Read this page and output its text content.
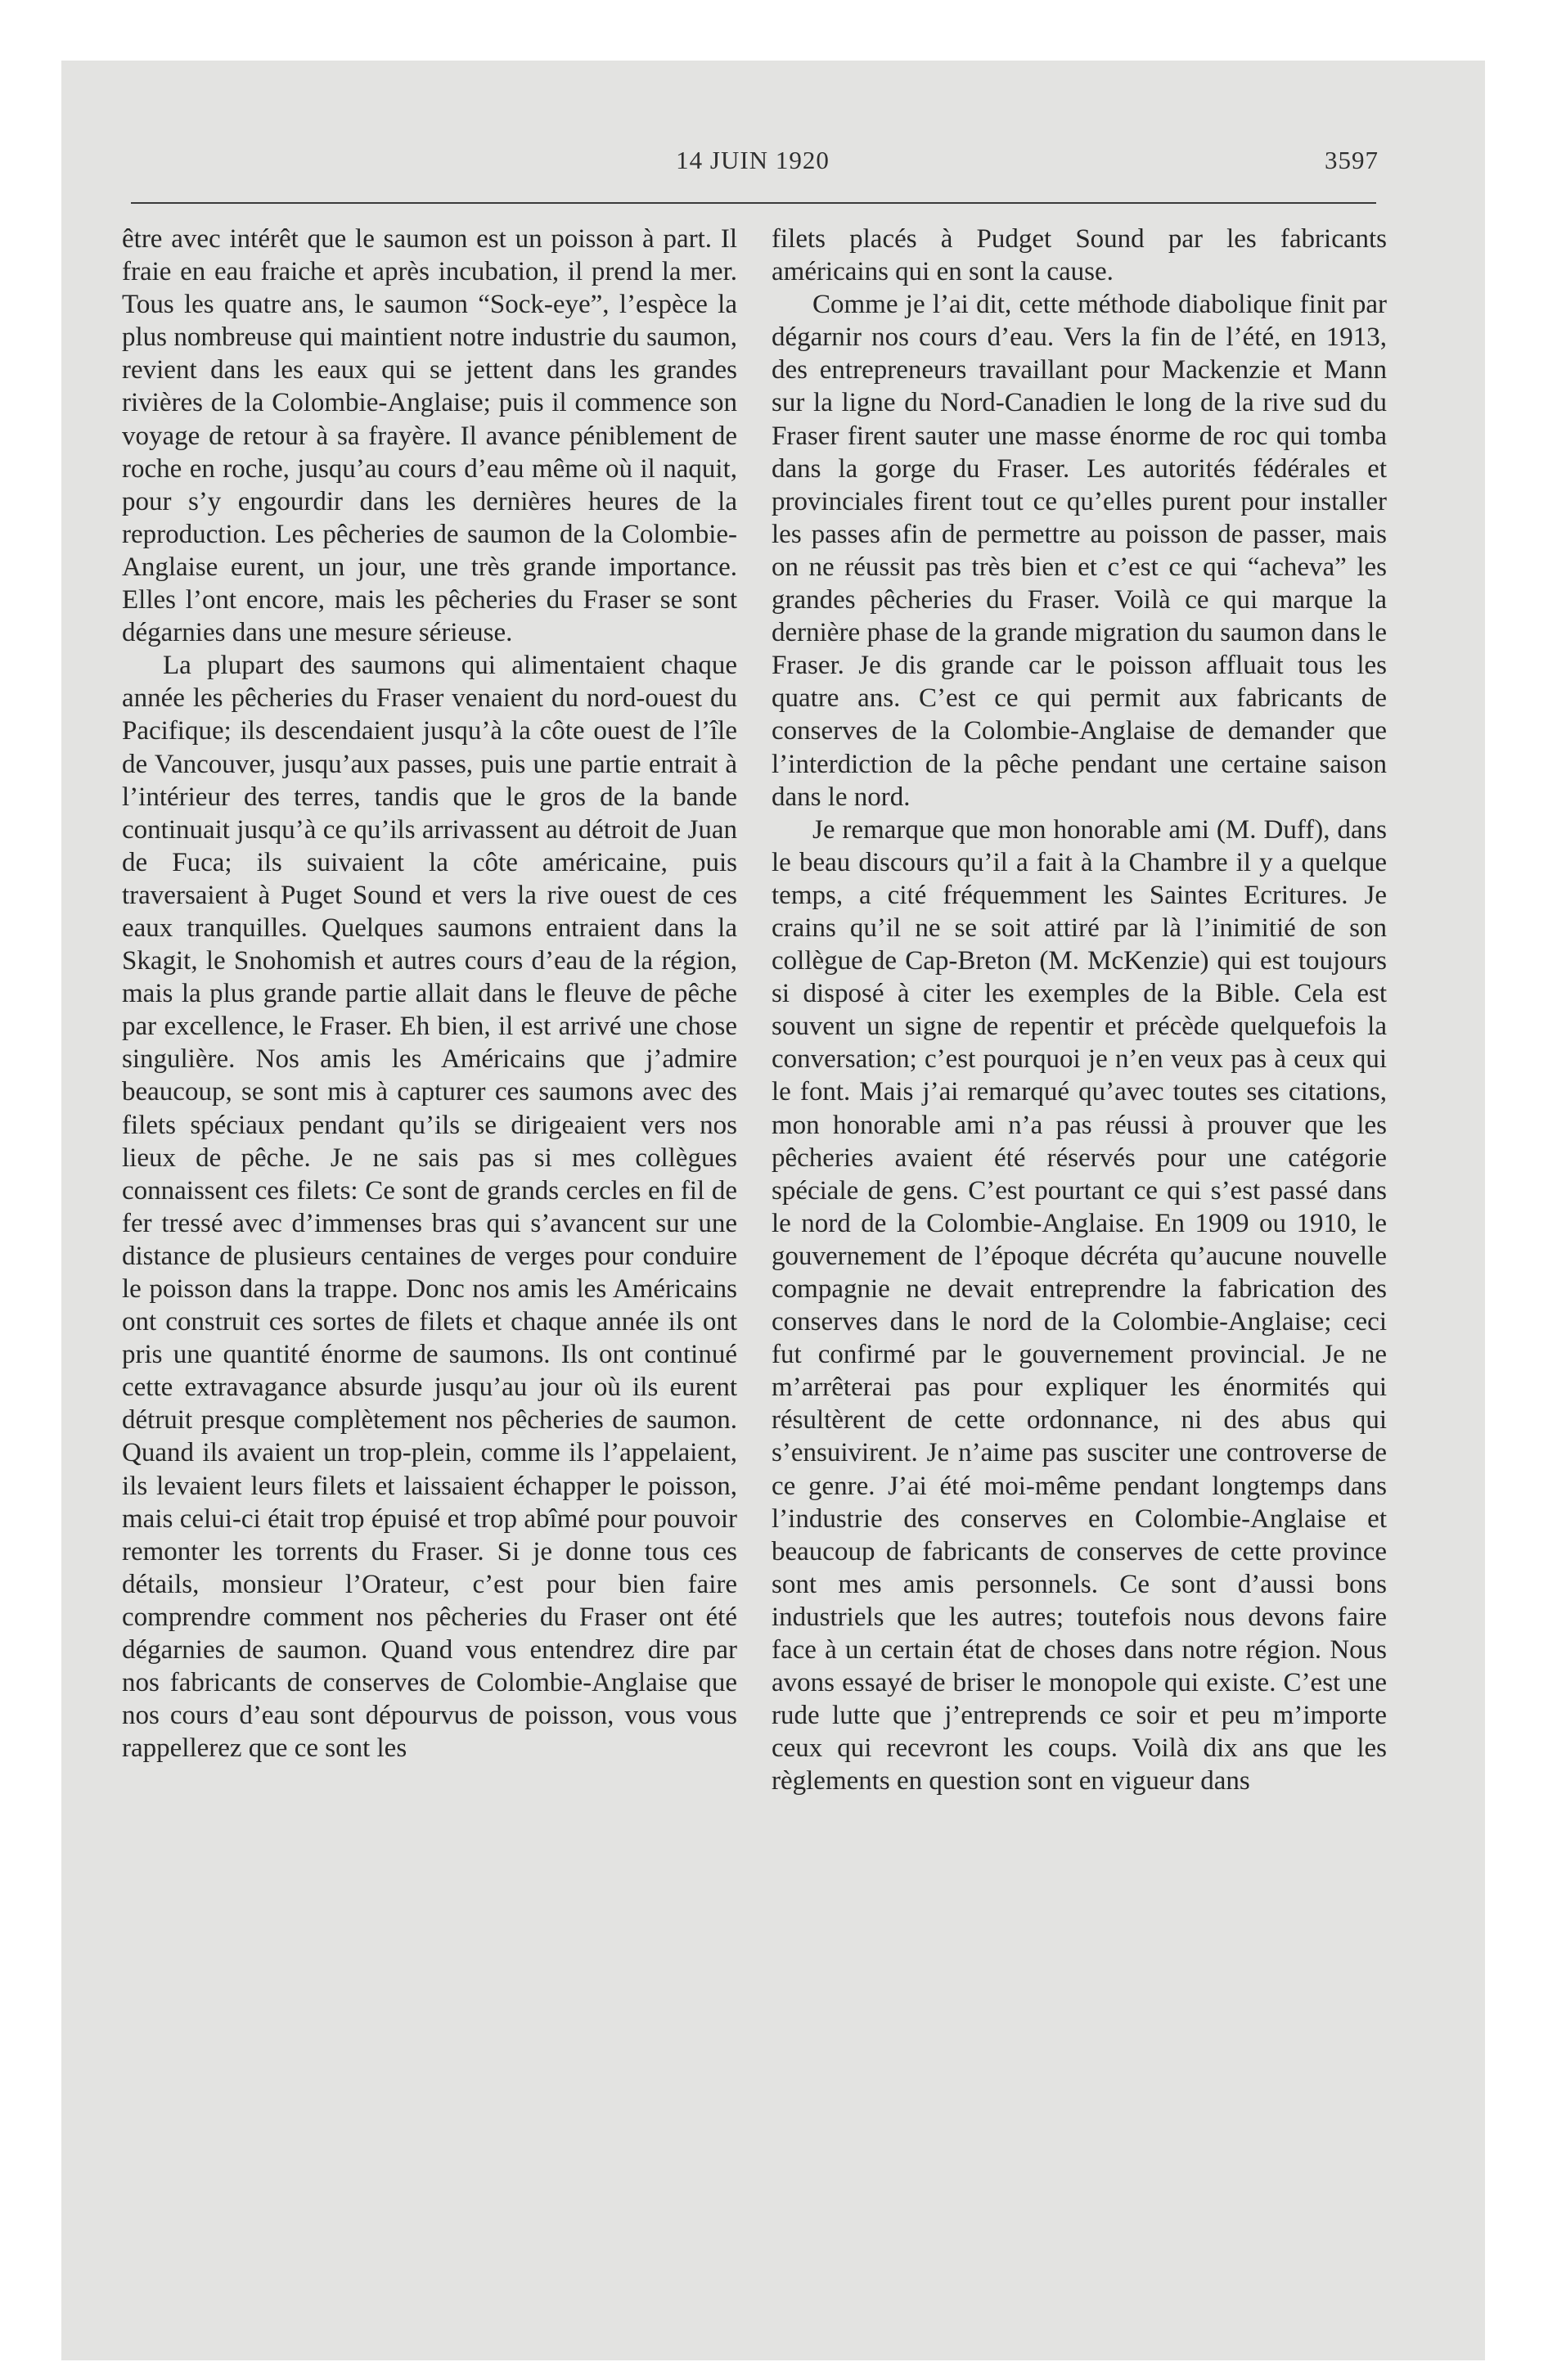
14 JUIN 1920	3597

être avec intérêt que le saumon est un poisson à part. Il fraie en eau fraiche et après incubation, il prend la mer. Tous les quatre ans, le saumon “Sock-eye”, l’espèce la plus nombreuse qui maintient notre industrie du saumon, revient dans les eaux qui se jettent dans les grandes rivières de la Colombie-Anglaise; puis il commence son voyage de retour à sa frayère. Il avance péniblement de roche en roche, jusqu’au cours d’eau même où il naquit, pour s’y engourdir dans les dernières heures de la reproduction. Les pêcheries de saumon de la Colombie-Anglaise eurent, un jour, une très grande importance. Elles l’ont encore, mais les pêcheries du Fraser se sont dégarnies dans une mesure sérieuse.

La plupart des saumons qui alimentaient chaque année les pêcheries du Fraser venaient du nord-ouest du Pacifique; ils descendaient jusqu’à la côte ouest de l’île de Vancouver, jusqu’aux passes, puis une partie entrait à l’intérieur des terres, tandis que le gros de la bande continuait jusqu’à ce qu’ils arrivassent au détroit de Juan de Fuca; ils suivaient la côte américaine, puis traversaient à Puget Sound et vers la rive ouest de ces eaux tranquilles. Quelques saumons entraient dans la Skagit, le Snohomish et autres cours d’eau de la région, mais la plus grande partie allait dans le fleuve de pêche par excellence, le Fraser. Eh bien, il est arrivé une chose singulière. Nos amis les Américains que j’admire beaucoup, se sont mis à capturer ces saumons avec des filets spéciaux pendant qu’ils se dirigeaient vers nos lieux de pêche. Je ne sais pas si mes collègues connaissent ces filets: Ce sont de grands cercles en fil de fer tressé avec d’immenses bras qui s’avancent sur une distance de plusieurs centaines de verges pour conduire le poisson dans la trappe. Donc nos amis les Américains ont construit ces sortes de filets et chaque année ils ont pris une quantité énorme de saumons. Ils ont continué cette extravagance absurde jusqu’au jour où ils eurent détruit presque complètement nos pêcheries de saumon. Quand ils avaient un trop-plein, comme ils l’appelaient, ils levaient leurs filets et laissaient échapper le poisson, mais celui-ci était trop épuisé et trop abîmé pour pouvoir remonter les torrents du Fraser. Si je donne tous ces détails, monsieur l’Orateur, c’est pour bien faire comprendre comment nos pêcheries du Fraser ont été dégarnies de saumon. Quand vous entendrez dire par nos fabricants de conserves de Colombie-Anglaise que nos cours d’eau sont dépourvus de poisson, vous vous rappellerez que ce sont les

filets placés à Pudget Sound par les fabricants américains qui en sont la cause.

Comme je l’ai dit, cette méthode diabolique finit par dégarnir nos cours d’eau. Vers la fin de l’été, en 1913, des entrepreneurs travaillant pour Mackenzie et Mann sur la ligne du Nord-Canadien le long de la rive sud du Fraser firent sauter une masse énorme de roc qui tomba dans la gorge du Fraser. Les autorités fédérales et provinciales firent tout ce qu’elles purent pour installer les passes afin de permettre au poisson de passer, mais on ne réussit pas très bien et c’est ce qui “acheva” les grandes pêcheries du Fraser. Voilà ce qui marque la dernière phase de la grande migration du saumon dans le Fraser. Je dis grande car le poisson affluait tous les quatre ans. C’est ce qui permit aux fabricants de conserves de la Colombie-Anglaise de demander que l’interdiction de la pêche pendant une certaine saison dans le nord.

Je remarque que mon honorable ami (M. Duff), dans le beau discours qu’il a fait à la Chambre il y a quelque temps, a cité fréquemment les Saintes Ecritures. Je crains qu’il ne se soit attiré par là l’inimitié de son collègue de Cap-Breton (M. McKenzie) qui est toujours si disposé à citer les exemples de la Bible. Cela est souvent un signe de repentir et précède quelquefois la conversation; c’est pourquoi je n’en veux pas à ceux qui le font. Mais j’ai remarqué qu’avec toutes ses citations, mon honorable ami n’a pas réussi à prouver que les pêcheries avaient été réservés pour une catégorie spéciale de gens. C’est pourtant ce qui s’est passé dans le nord de la Colombie-Anglaise. En 1909 ou 1910, le gouvernement de l’époque décréta qu’aucune nouvelle compagnie ne devait entreprendre la fabrication des conserves dans le nord de la Colombie-Anglaise; ceci fut confirmé par le gouvernement provincial. Je ne m’arrêterai pas pour expliquer les énormités qui résultèrent de cette ordonnance, ni des abus qui s’ensuivirent. Je n’aime pas susciter une controverse de ce genre. J’ai été moi-même pendant longtemps dans l’industrie des conserves en Colombie-Anglaise et beaucoup de fabricants de conserves de cette province sont mes amis personnels. Ce sont d’aussi bons industriels que les autres; toutefois nous devons faire face à un certain état de choses dans notre région. Nous avons essayé de briser le monopole qui existe. C’est une rude lutte que j’entreprends ce soir et peu m’importe ceux qui recevront les coups. Voilà dix ans que les règlements en question sont en vigueur dans
